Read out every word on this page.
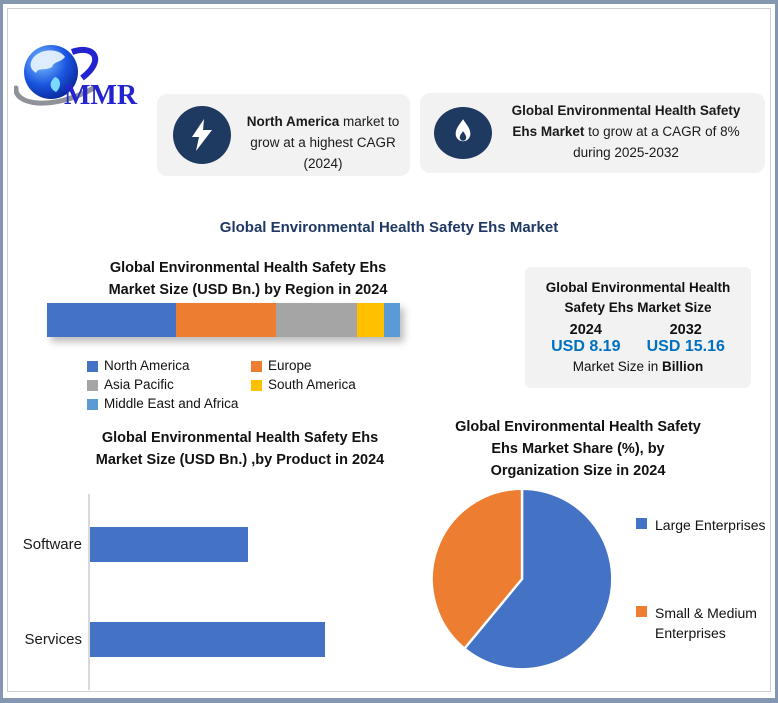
MMR
North America market to grow at a highest CAGR (2024)
Global Environmental Health Safety Ehs Market to grow at a CAGR of 8% during 2025-2032
Global Environmental Health Safety Ehs Market
Global Environmental Health Safety Ehs
Market Size (USD Bn.) by Region in 2024
North America	Europe
Asia Pacific	South America
Middle East and Africa
Global Environmental Health
Safety Ehs Market Size
2024
USD 8.19
2032
USD 15.16
Market Size in Billion
Global Environmental Health Safety Ehs
Market Size (USD Bn.) ,by Product in 2024
Software
Services
Global Environmental Health Safety
Ehs Market Share (%), by
Organization Size in 2024
Large Enterprises
Small & Medium Enterprises
